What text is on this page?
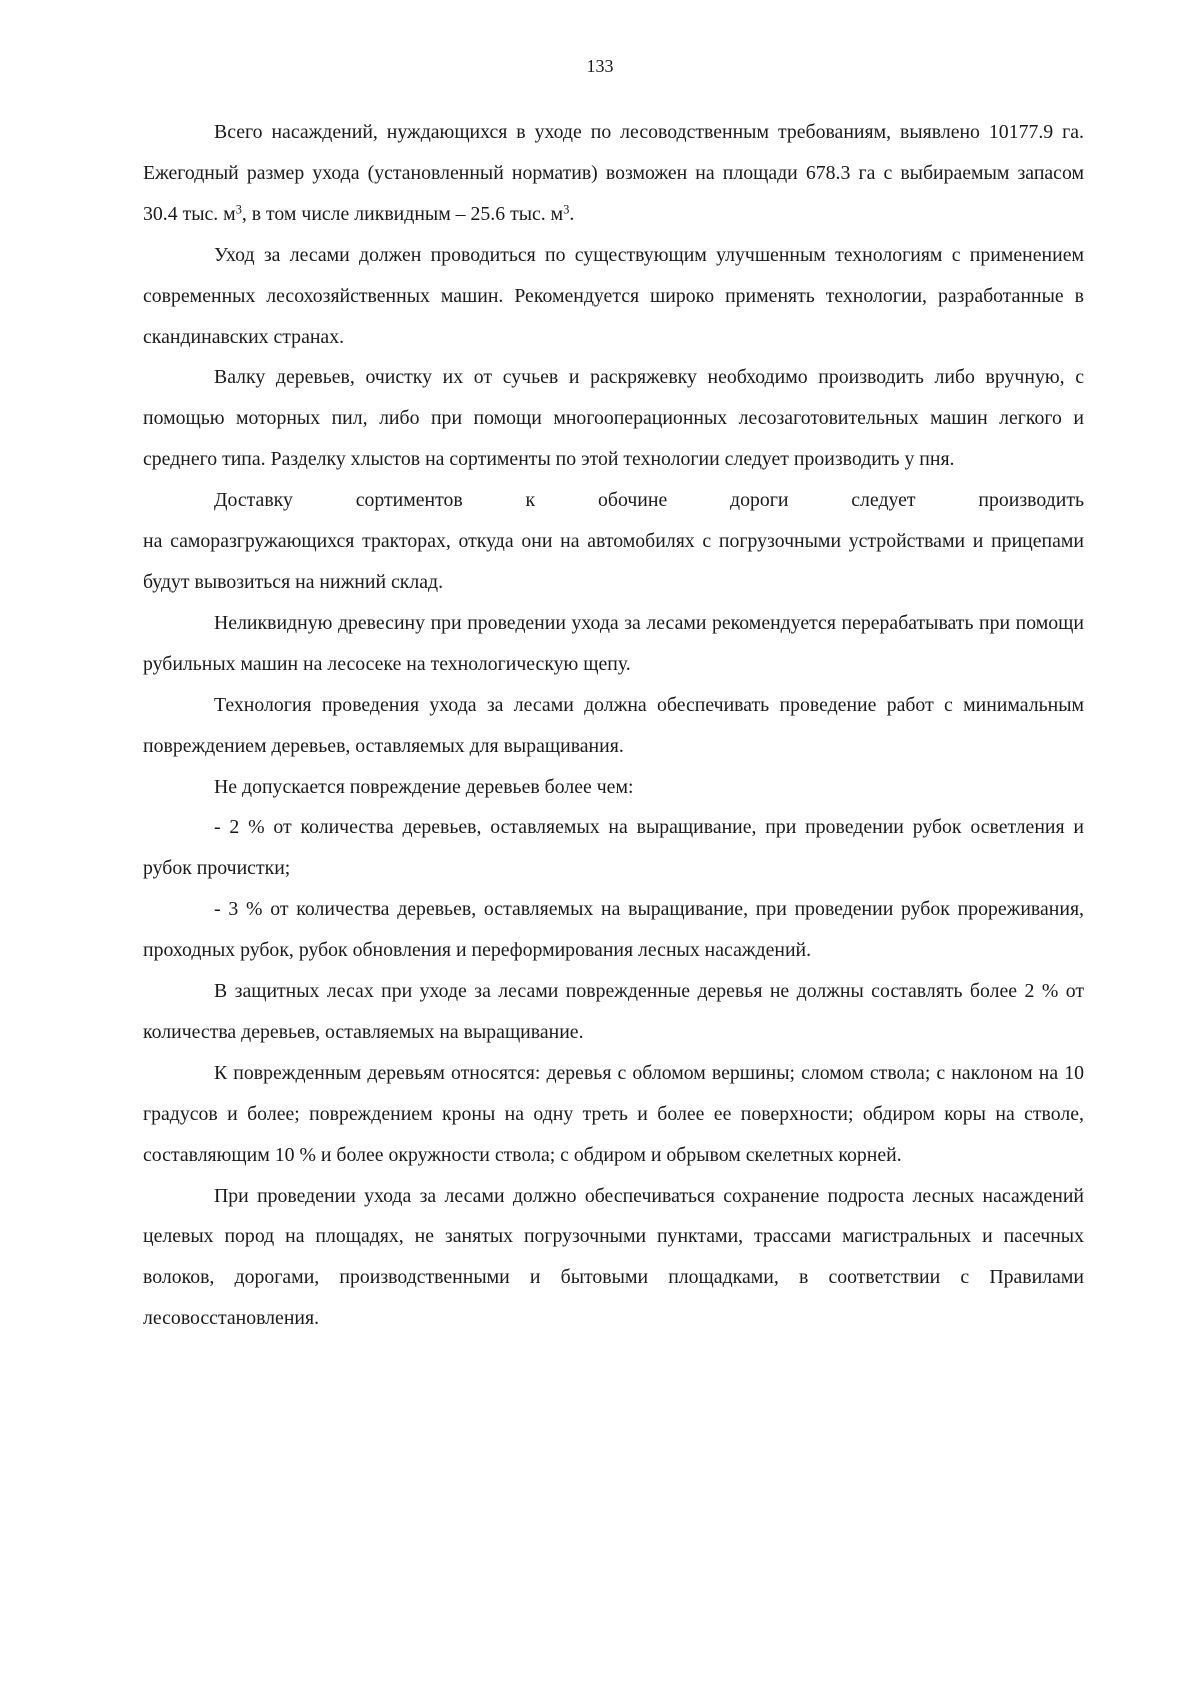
133

Всего насаждений, нуждающихся в уходе по лесоводственным требованиям, выявлено 10177.9 га. Ежегодный размер ухода (установленный норматив) возможен на площади 678.3 га с выбираемым запасом 30.4 тыс. $м^3$, в том числе ликвидным – 25.6 тыс. $м^3$.

Уход за лесами должен проводиться по существующим улучшенным технологиям с применением современных лесохозяйственных машин. Рекомендуется широко применять технологии, разработанные в скандинавских странах.

Валку деревьев, очистку их от сучьев и раскряжевку необходимо производить либо вручную, с помощью моторных пил, либо при помощи многооперационных лесозаготовительных машин легкого и среднего типа. Разделку хлыстов на сортименты по этой технологии следует производить у пня.

Доставку	сортиментов	к	обочине	дороги	следует	производить

на саморазгружающихся тракторах, откуда они на автомобилях с погрузочными устройствами и прицепами будут вывозиться на нижний склад.

Неликвидную древесину при проведении ухода за лесами рекомендуется перерабатывать при помощи рубильных машин на лесосеке на технологическую щепу.

Технология проведения ухода за лесами должна обеспечивать проведение работ с минимальным повреждением деревьев, оставляемых для выращивания.

Не допускается повреждение деревьев более чем:

- 2 % от количества деревьев, оставляемых на выращивание, при проведении рубок осветления и рубок прочистки;

- 3 % от количества деревьев, оставляемых на выращивание, при проведении рубок прореживания, проходных рубок, рубок обновления и переформирования лесных насаждений.

В защитных лесах при уходе за лесами поврежденные деревья не должны составлять более 2 % от количества деревьев, оставляемых на выращивание.

К поврежденным деревьям относятся: деревья с обломом вершины; сломом ствола; с наклоном на 10 градусов и более; повреждением кроны на одну треть и более ее поверхности; обдиром коры на стволе, составляющим 10 % и более окружности ствола; с обдиром и обрывом скелетных корней.

При проведении ухода за лесами должно обеспечиваться сохранение подроста лесных насаждений целевых пород на площадях, не занятых погрузочными пунктами, трассами магистральных и пасечных волоков, дорогами, производственными и бытовыми площадками, в соответствии с Правилами лесовосстановления.
